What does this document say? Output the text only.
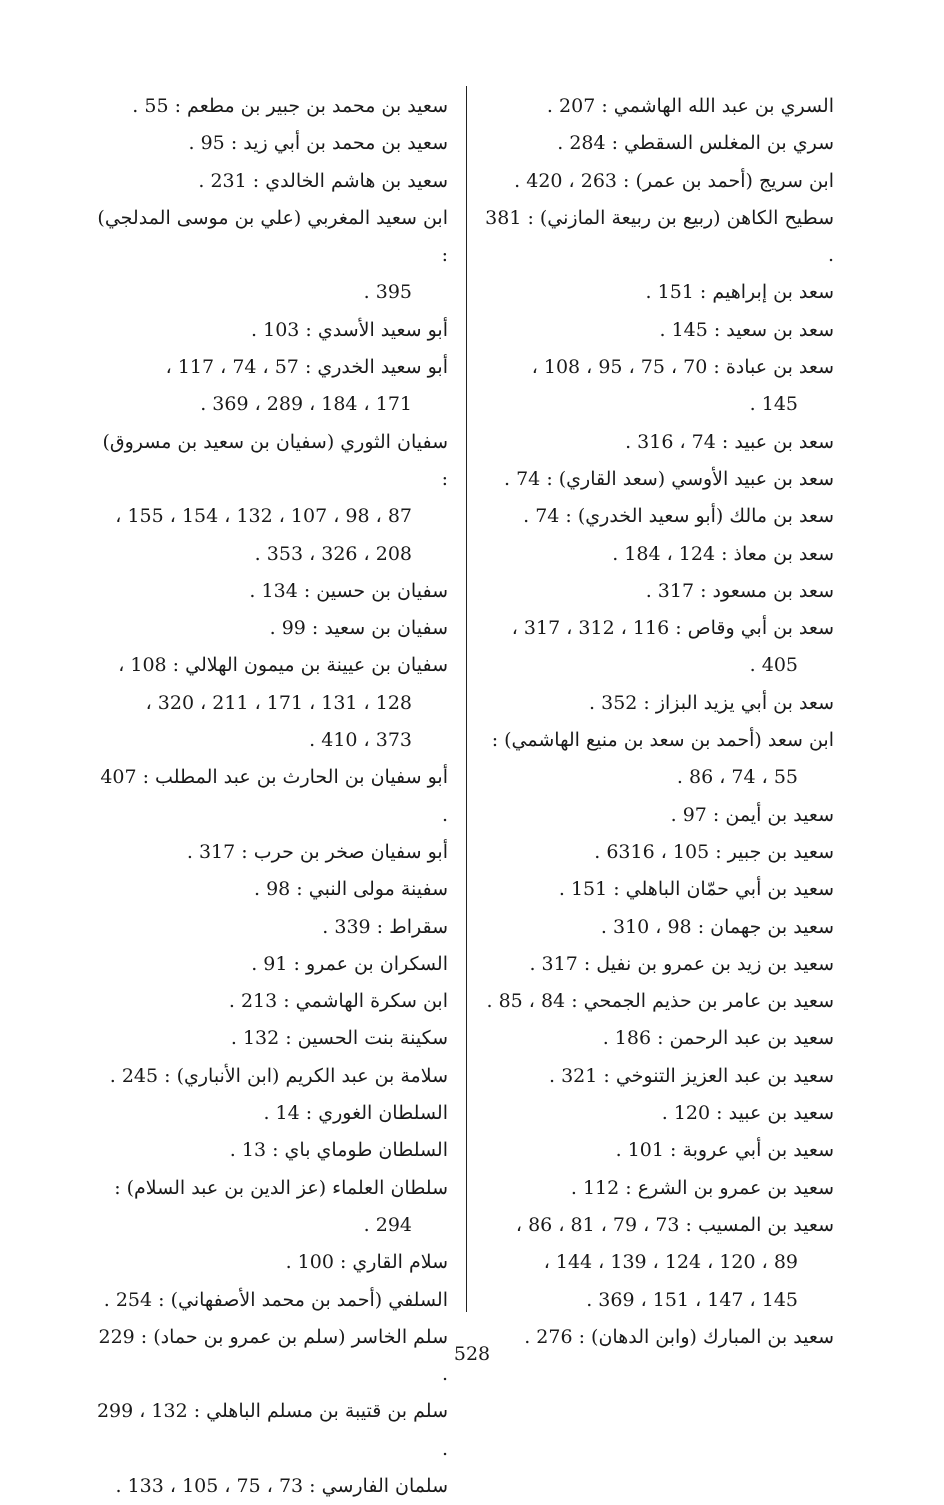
السري بن عبد الله الهاشمي : 207 .
سري بن المغلس السقطي : 284 .
ابن سريج (أحمد بن عمر) : 263 ، 420 .
سطيح الكاهن (ربيع بن ربيعة المازني) : 381 .
سعد بن إبراهيم : 151 .
سعد بن سعيد : 145 .
سعد بن عبادة : 70 ، 75 ، 95 ، 108 ،
145 .
سعد بن عبيد : 74 ، 316 .
سعد بن عبيد الأوسي (سعد القاري) : 74 .
سعد بن مالك (أبو سعيد الخدري) : 74 .
سعد بن معاذ : 124 ، 184 .
سعد بن مسعود : 317 .
سعد بن أبي وقاص : 116 ، 312 ، 317 ،
405 .
سعد بن أبي يزيد البزاز : 352 .
ابن سعد (أحمد بن سعد بن منيع الهاشمي) :
55 ، 74 ، 86 .
سعيد بن أيمن : 97 .
سعيد بن جبير : 105 ، 6316 .
سعيد بن أبي حمّان الباهلي : 151 .
سعيد بن جهمان : 98 ، 310 .
سعيد بن زيد بن عمرو بن نفيل : 317 .
سعيد بن عامر بن حذيم الجمحي : 84 ، 85 .
سعيد بن عبد الرحمن : 186 .
سعيد بن عبد العزيز التنوخي : 321 .
سعيد بن عبيد : 120 .
سعيد بن أبي عروبة : 101 .
سعيد بن عمرو بن الشرع : 112 .
سعيد بن المسيب : 73 ، 79 ، 81 ، 86 ،
89 ، 120 ، 124 ، 139 ، 144 ،
145 ، 147 ، 151 ، 369 .
سعيد بن المبارك (وابن الدهان) : 276 .
سعيد بن محمد بن جبير بن مطعم : 55 .
سعيد بن محمد بن أبي زيد : 95 .
سعيد بن هاشم الخالدي : 231 .
ابن سعيد المغربي (علي بن موسى المدلجي) :
395 .
أبو سعيد الأسدي : 103 .
أبو سعيد الخدري : 57 ، 74 ، 117 ،
171 ، 184 ، 289 ، 369 .
سفيان الثوري (سفيان بن سعيد بن مسروق) :
87 ، 98 ، 107 ، 132 ، 154 ، 155 ،
208 ، 326 ، 353 .
سفيان بن حسين : 134 .
سفيان بن سعيد : 99 .
سفيان بن عيينة بن ميمون الهلالي : 108 ،
128 ، 131 ، 171 ، 211 ، 320 ،
373 ، 410 .
أبو سفيان بن الحارث بن عبد المطلب : 407 .
أبو سفيان صخر بن حرب : 317 .
سفينة مولى النبي : 98 .
سقراط : 339 .
السكران بن عمرو : 91 .
ابن سكرة الهاشمي : 213 .
سكينة بنت الحسين : 132 .
سلامة بن عبد الكريم (ابن الأنباري) : 245 .
السلطان الغوري : 14 .
السلطان طوماي باي : 13 .
سلطان العلماء (عز الدين بن عبد السلام) :
294 .
سلام القاري : 100 .
السلفي (أحمد بن محمد الأصفهاني) : 254 .
سلم الخاسر (سلم بن عمرو بن حماد) : 229 .
سلم بن قتيبة بن مسلم الباهلي : 132 ، 299 .
سلمان الفارسي : 73 ، 75 ، 105 ، 133 .
528
